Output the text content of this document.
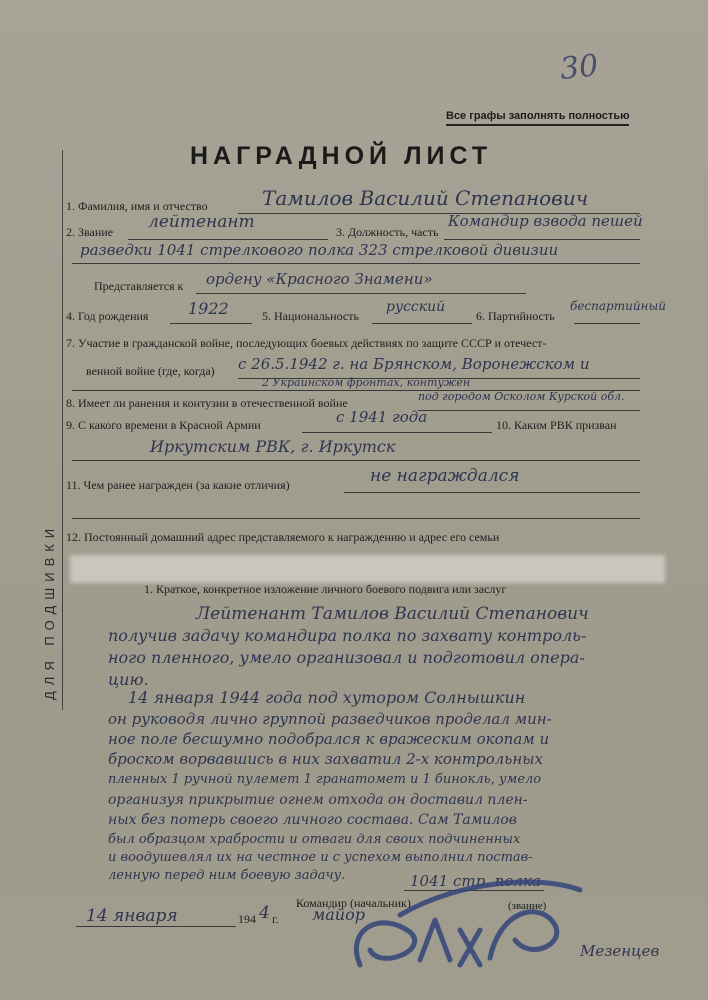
30
Все графы заполнять полностью
НАГРАДНОЙ ЛИСТ
ДЛЯ ПОДШИВКИ
1. Фамилия, имя и отчество	Тамилов Василий Степанович
2. Звание лейтенант	3. Должность, часть
Командир взвода пешей
разведки 1041 стрелкового полка 323 стрелковой дивизии
Представляется к ордену «Красного Знамени»
4. Год рождения 1922	5. Национальность
русский
6. Партийность
беспартийный
7. Участие в гражданской войне, последующих боевых действиях по защите СССР и отечест-
венной войне (где, когда) с 26.5.1942 г. на Брянском, Воронежском и
2 Украинском фронтах, контужен
8. Имеет ли ранения и контузии в отечественной войне	под городом Осколом Курской обл.
9. С какого времени в Красной Армии	с 1941 года	10. Каким РВК призван
Иркутским РВК, г. Иркутск
11. Чем ранее награжден (за какие отличия)	не награждался
12. Постоянный домашний адрес представляемого к награждению и адрес его семьи
1. Краткое, конкретное изложение личного боевого подвига или заслуг
Лейтенант Тамилов Василий Степанович
получив задачу командира полка по захвату контроль-
ного пленного, умело организовал и подготовил опера-
цию.
14 января 1944 года под хутором Солнышкин
он руководя лично группой разведчиков проделал мин-
ное поле бесшумно подобрался к вражеским окопам и
броском ворвавшись в них захватил 2-х контрольных
пленных 1 ручной пулемет 1 гранатомет и 1 бинокль, умело
организуя прикрытие огнем отхода он доставил плен-
ных без потерь своего личного состава. Сам Тамилов
был образцом храбрости и отваги для своих подчиненных
и воодушевлял их на честное и с успехом выполнил постав-
ленную перед ним боевую задачу.	1041 стр. полка
Командир (начальник)	(звание)
14 января	194 4 г. майор
Мезенцев
